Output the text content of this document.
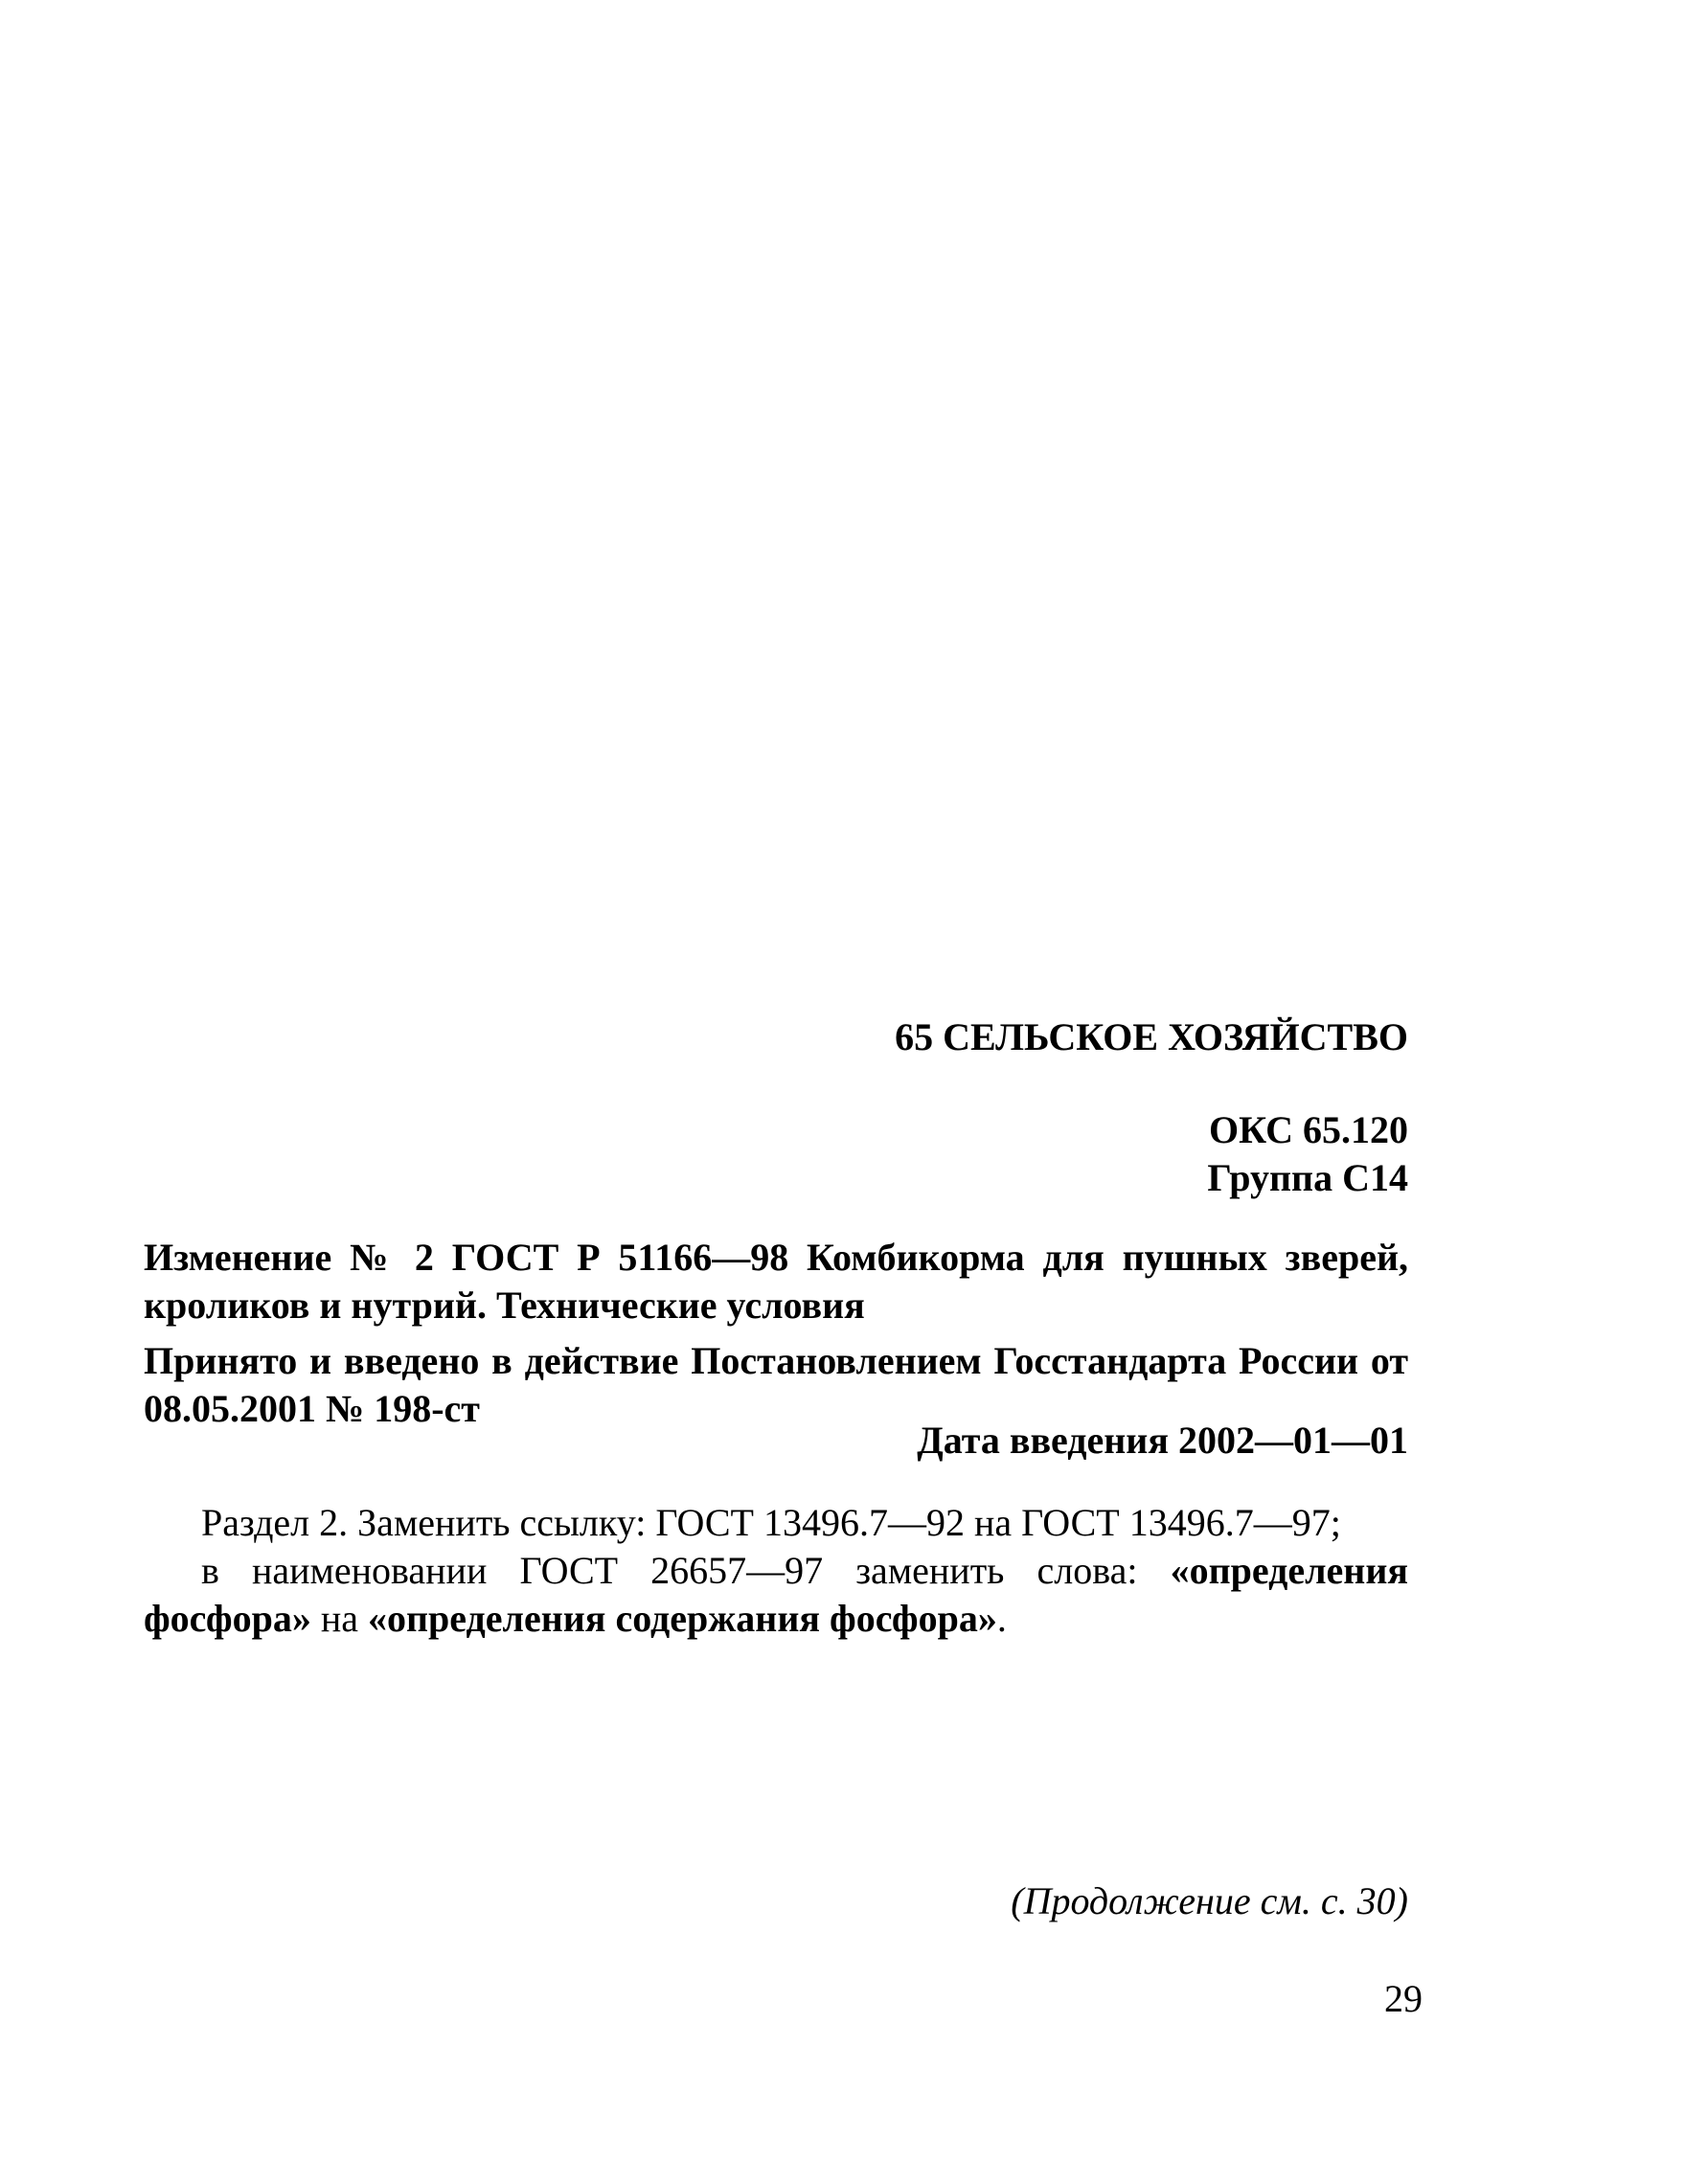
65 СЕЛЬСКОЕ ХОЗЯЙСТВО
ОКС 65.120
Группа С14
Изменение № 2 ГОСТ Р 51166—98 Комбикорма для пушных зверей, кроликов и нутрий. Технические условия
Принято и введено в действие Постановлением Госстандарта России от 08.05.2001 № 198-ст
Дата введения 2002—01—01
Раздел 2. Заменить ссылку: ГОСТ 13496.7—92 на ГОСТ 13496.7—97;
в наименовании ГОСТ 26657—97 заменить слова: «определения фосфора» на «определения содержания фосфора».
(Продолжение см. с. 30)
29
